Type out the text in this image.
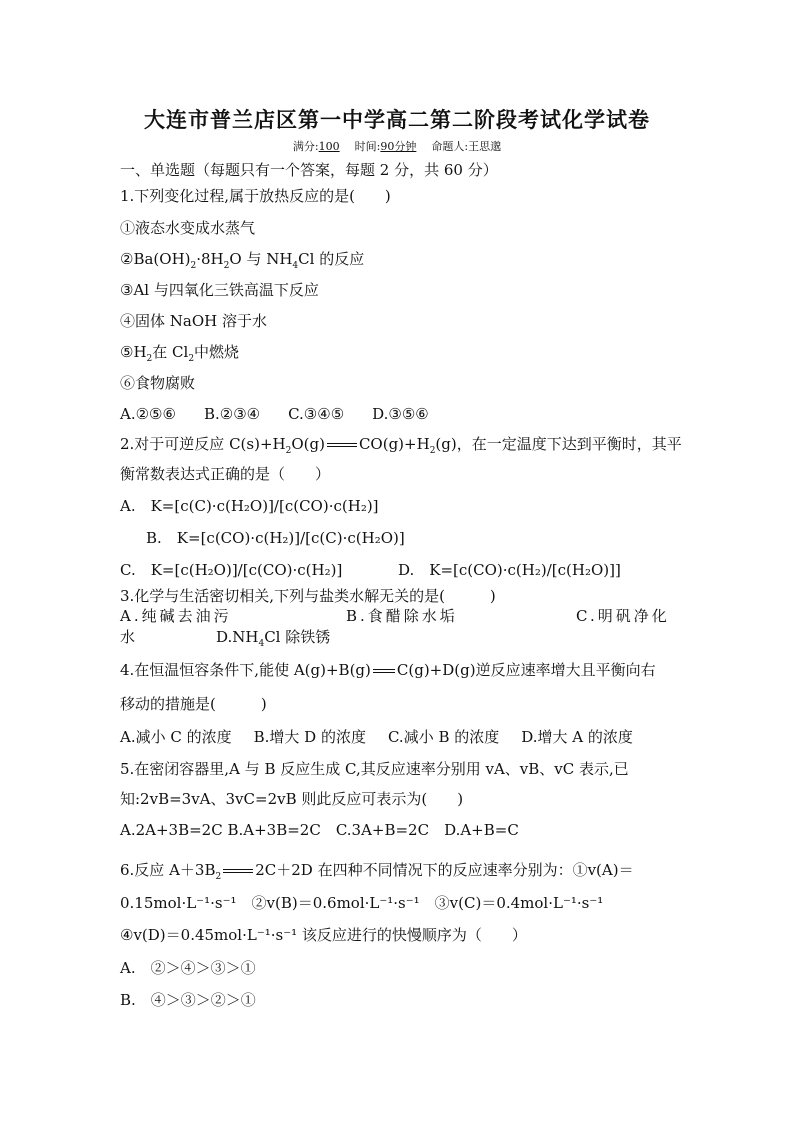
大连市普兰店区第一中学高二第二阶段考试化学试卷
满分:100 时间:90分钟 命题人:王思邈
一、单选题（每题只有一个答案，每题 2 分，共 60 分）
1.下列变化过程,属于放热反应的是(　　)
①液态水变成水蒸气
$②Ba(OH)_2\cdot 8H_2O$ 与 $NH_4Cl$ 的反应
③Al 与四氧化三铁高温下反应
④固体 NaOH 溶于水
$⑤H_2$在 $Cl_2$中燃烧
⑥食物腐败
A.②⑤⑥ B.②③④ C.③④⑤ D.③⑤⑥
2.对于可逆反应 $C(s)+H_2O(g)$ $CO(g)+H_2(g)$，在一定温度下达到平衡时，其平
衡常数表达式正确的是（　　）
A.　K=[c(C)·c(H₂O)]/[c(CO)·c(H₂)]
B.　K=[c(CO)·c(H₂)]/[c(C)·c(H₂O)]
C.　K=[c(H₂O)]/[c(CO)·c(H₂)]	D.　K=[c(CO)·c(H₂)/[c(H₂O)]]
3.化学与生活密切相关,下列与盐类水解无关的是(　　　)
A.纯碱去油污	B.食醋除水垢	C.明矾净化
水	$D.NH_4Cl$ 除铁锈
4.在恒温恒容条件下,能使 A(g)+B(g) C(g)+D(g)逆反应速率增大且平衡向右
移动的措施是(　　　)
A.减小 C 的浓度 B.增大 D 的浓度 C.减小 B 的浓度 D.增大 A 的浓度
5.在密闭容器里,A 与 B 反应生成 C,其反应速率分别用 vA、vB、vC 表示,已
知:2vB=3vA、3vC=2vB 则此反应可表示为(　　)
A.2A+3B=2C B.A+3B=2C　C.3A+B=2C　D.A+B=C
6.反应 $A+3B_2$ 2C＋2D 在四种不同情况下的反应速率分别为：①v(A)＝
0.15mol·L⁻¹·s⁻¹　②v(B)＝0.6mol·L⁻¹·s⁻¹　③v(C)＝0.4mol·L⁻¹·s⁻¹
④v(D)＝0.45mol·L⁻¹·s⁻¹ 该反应进行的快慢顺序为（　　）
A.　②＞④＞③＞①
B.　④＞③＞②＞①
